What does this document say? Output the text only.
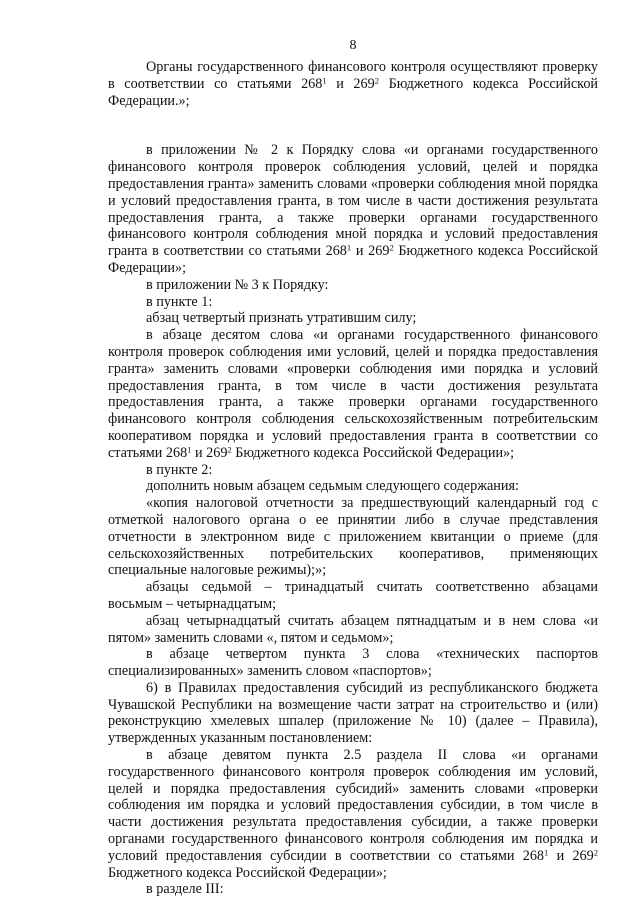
8

Органы государственного финансового контроля осуществляют проверку в соответствии со статьями $268^1$ и $269^2$ Бюджетного кодекса Российской Федерации.»;

в приложении № 2 к Порядку слова «и органами государственного финансового контроля проверок соблюдения условий, целей и порядка предоставления гранта» заменить словами «проверки соблюдения мной порядка и условий предоставления гранта, в том числе в части достижения результата предоставления гранта, а также проверки органами государственного финансового контроля соблюдения мной порядка и условий предоставления гранта в соответствии со статьями $268^1$ и $269^2$ Бюджетного кодекса Российской Федерации»;

в приложении № 3 к Порядку:

в пункте 1:

абзац четвертый признать утратившим силу;

в абзаце десятом слова «и органами государственного финансового контроля проверок соблюдения ими условий, целей и порядка предоставления гранта» заменить словами «проверки соблюдения ими порядка и условий предоставления гранта, в том числе в части достижения результата предоставления гранта, а также проверки органами государственного финансового контроля соблюдения сельскохозяйственным потребительским кооперативом порядка и условий предоставления гранта в соответствии со статьями $268^1$ и $269^2$ Бюджетного кодекса Российской Федерации»;

в пункте 2:

дополнить новым абзацем седьмым следующего содержания:

«копия налоговой отчетности за предшествующий календарный год с отметкой налогового органа о ее принятии либо в случае представления отчетности в электронном виде с приложением квитанции о приеме (для сельскохозяйственных потребительских кооперативов, применяющих специальные налоговые режимы);»;

абзацы седьмой – тринадцатый считать соответственно абзацами восьмым – четырнадцатым;

абзац четырнадцатый считать абзацем пятнадцатым и в нем слова «и пятом» заменить словами «, пятом и седьмом»;

в абзаце четвертом пункта 3 слова «технических паспортов специализированных» заменить словом «паспортов»;

6) в Правилах предоставления субсидий из республиканского бюджета Чувашской Республики на возмещение части затрат на строительство и (или) реконструкцию хмелевых шпалер (приложение № 10) (далее – Правила), утвержденных указанным постановлением:

в абзаце девятом пункта 2.5 раздела II слова «и органами государственного финансового контроля проверок соблюдения им условий, целей и порядка предоставления субсидий» заменить словами «проверки соблюдения им порядка и условий предоставления субсидии, в том числе в части достижения результата предоставления субсидии, а также проверки органами государственного финансового контроля соблюдения им порядка и условий предоставления субсидии в соответствии со статьями $268^1$ и $269^2$ Бюджетного кодекса Российской Федерации»;

в разделе III:
